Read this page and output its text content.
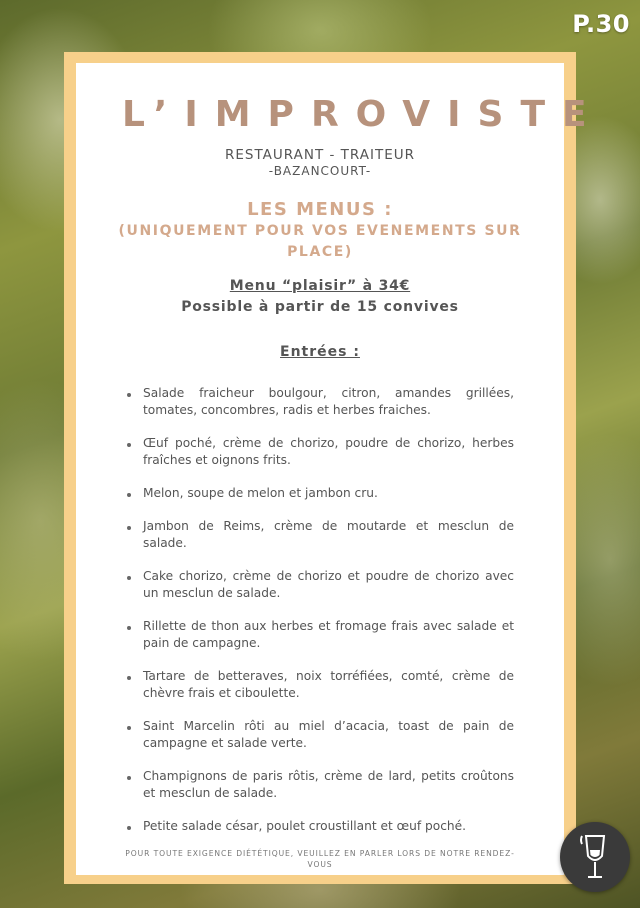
P.30
L’IMPROVISTE
RESTAURANT - TRAITEUR
-BAZANCOURT-
LES MENUS :
(UNIQUEMENT POUR VOS EVENEMENTS SUR PLACE)
Menu “plaisir” à 34€
Possible à partir de 15 convives
Entrées :
Salade fraicheur boulgour, citron, amandes grillées, tomates, concombres, radis et herbes fraiches.
Œuf poché, crème de chorizo, poudre de chorizo, herbes fraîches et oignons frits.
Melon, soupe de melon et jambon cru.
Jambon de Reims, crème de moutarde et mesclun de salade.
Cake chorizo, crème de chorizo et poudre de chorizo avec un mesclun de salade.
Rillette de thon aux herbes et fromage frais avec salade et pain de campagne.
Tartare de betteraves, noix torréfiées, comté, crème de chèvre frais et ciboulette.
Saint Marcelin rôti au miel d’acacia, toast de pain de campagne et salade verte.
Champignons de paris rôtis, crème de lard, petits croûtons et mesclun de salade.
Petite salade césar, poulet croustillant et œuf poché.
POUR TOUTE EXIGENCE DIÉTÉTIQUE, VEUILLEZ EN PARLER LORS DE NOTRE RENDEZ-VOUS
